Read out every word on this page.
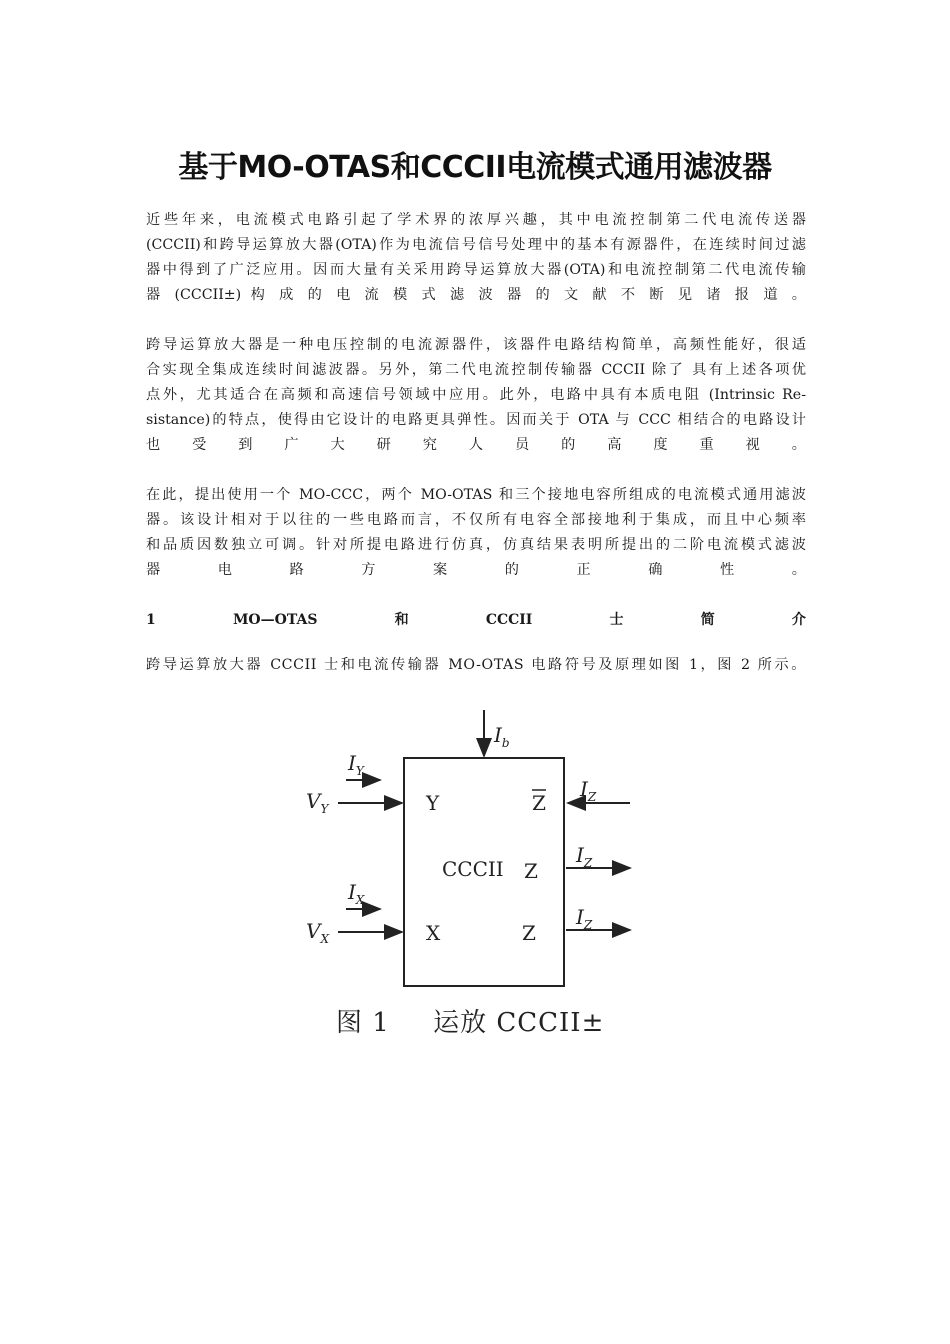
基于MO-OTAS和CCCII电流模式通用滤波器
近些年来，电流模式电路引起了学术界的浓厚兴趣，其中电流控制第二代电流传送器
(CCCII)和跨导运算放大器(OTA)作为电流信号信号处理中的基本有源器件，在连续时间过滤
器中得到了广泛应用。因而大量有关采用跨导运算放大器(OTA)和电流控制第二代电流传输
器 (CCCII±) 构 成 的 电 流 模 式 滤 波 器 的 文 献 不 断 见 诸 报 道 。
跨导运算放大器是一种电压控制的电流源器件，该器件电路结构简单，高频性能好，很适
合实现全集成连续时间滤波器。另外，第二代电流控制传输器 CCCII 除了 具有上述各项优
点外，尤其适合在高频和高速信号领域中应用。此外，电路中具有本质电阻 (Intrinsic Re-
sistance)的特点，使得由它设计的电路更具弹性。因而关于 OTA 与 CCC 相结合的电路设计
也 受 到 广 大 研 究 人 员 的 高 度 重 视 。
在此，提出使用一个 MO-CCC，两个 MO-OTAS 和三个接地电容所组成的电流模式通用滤波
器。该设计相对于以往的一些电路而言，不仅所有电容全部接地利于集成，而且中心频率
和品质因数独立可调。针对所提电路进行仿真，仿真结果表明所提出的二阶电流模式滤波
器 电 路 方 案 的 正 确 性 。
1	MO—OTAS	和	CCCII	士	简	介
跨导运算放大器 CCCII 士和电流传输器 MO-OTAS 电路符号及原理如图 1，图 2 所示。
$I_b$
$I_Y$
$V_Y$
$I_X$
$V_X$
$I_Z$
$I_Z$
$I_Z$
Y
X
Z
Z
Z
CCCII
图 1 运放 CCCII±
